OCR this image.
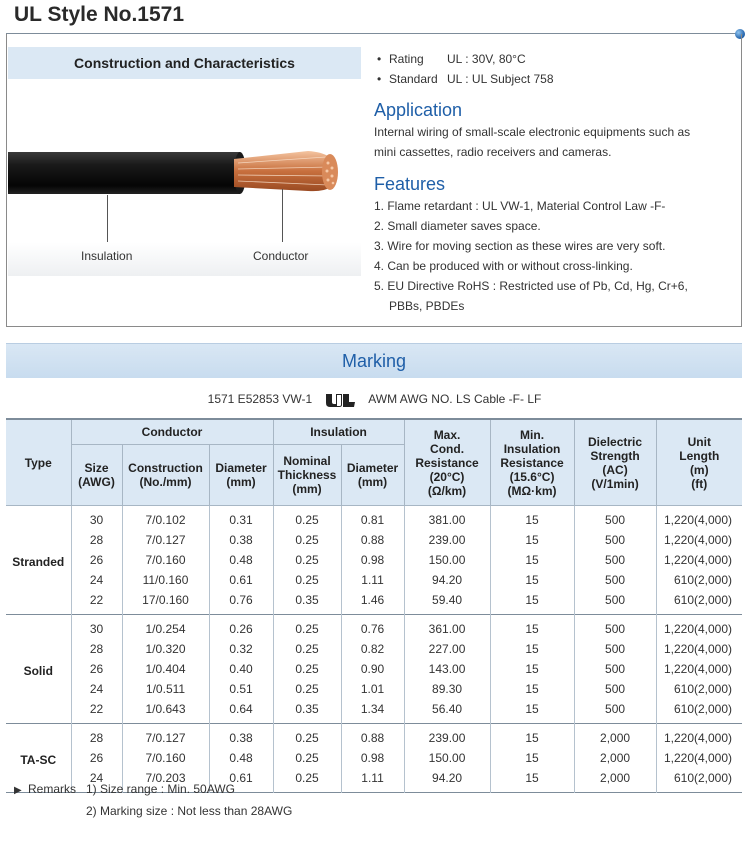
UL Style No.1571
Construction and Characteristics
Insulation	Conductor
• Rating UL : 30V, 80°C
• Standard UL : UL Subject 758
Application
Internal wiring of small-scale electronic equipments such as
mini cassettes, radio receivers and cameras.
Features
1. Flame retardant : UL VW-1, Material Control Law -F-
2. Small diameter saves space.
3. Wire for moving section as these wires are very soft.
4. Can be produced with or without cross-linking.
5. EU Directive RoHS : Restricted use of Pb, Cd, Hg, Cr+6,
PBBs, PBDEs
Marking
1571 E52853 VW-1	AWM AWG NO. LS Cable -F- LF
Type	Conductor			Insulation		Max.
Cond.
Resistance
(20°C)
(Ω/km)	Min.
Insulation
Resistance
(15.6°C)
(MΩ·km)	Dielectric
Strength
(AC)
(V/1min)	Unit
Length
(m)
(ft)
	Size
(AWG)	Construction
(No./mm)	Diameter
(mm)	Nominal
Thickness
(mm)	Diameter
(mm)				
Stranded	30	7/0.102	0.31	0.25	0.81	381.00	15	500	1,220(4,000)
	28	7/0.127	0.38	0.25	0.88	239.00	15	500	1,220(4,000)
	26	7/0.160	0.48	0.25	0.98	150.00	15	500	1,220(4,000)
	24	11/0.160	0.61	0.25	1.11	94.20	15	500	610(2,000)
	22	17/0.160	0.76	0.35	1.46	59.40	15	500	610(2,000)
Solid	30	1/0.254	0.26	0.25	0.76	361.00	15	500	1,220(4,000)
	28	1/0.320	0.32	0.25	0.82	227.00	15	500	1,220(4,000)
	26	1/0.404	0.40	0.25	0.90	143.00	15	500	1,220(4,000)
	24	1/0.511	0.51	0.25	1.01	89.30	15	500	610(2,000)
	22	1/0.643	0.64	0.35	1.34	56.40	15	500	610(2,000)
TA-SC	28	7/0.127	0.38	0.25	0.88	239.00	15	2,000	1,220(4,000)
	26	7/0.160	0.48	0.25	0.98	150.00	15	2,000	1,220(4,000)
	24	7/0.203	0.61	0.25	1.11	94.20	15	2,000	610(2,000)
▶ Remarks 1) Size range : Min. 50AWG
2) Marking size : Not less than 28AWG
